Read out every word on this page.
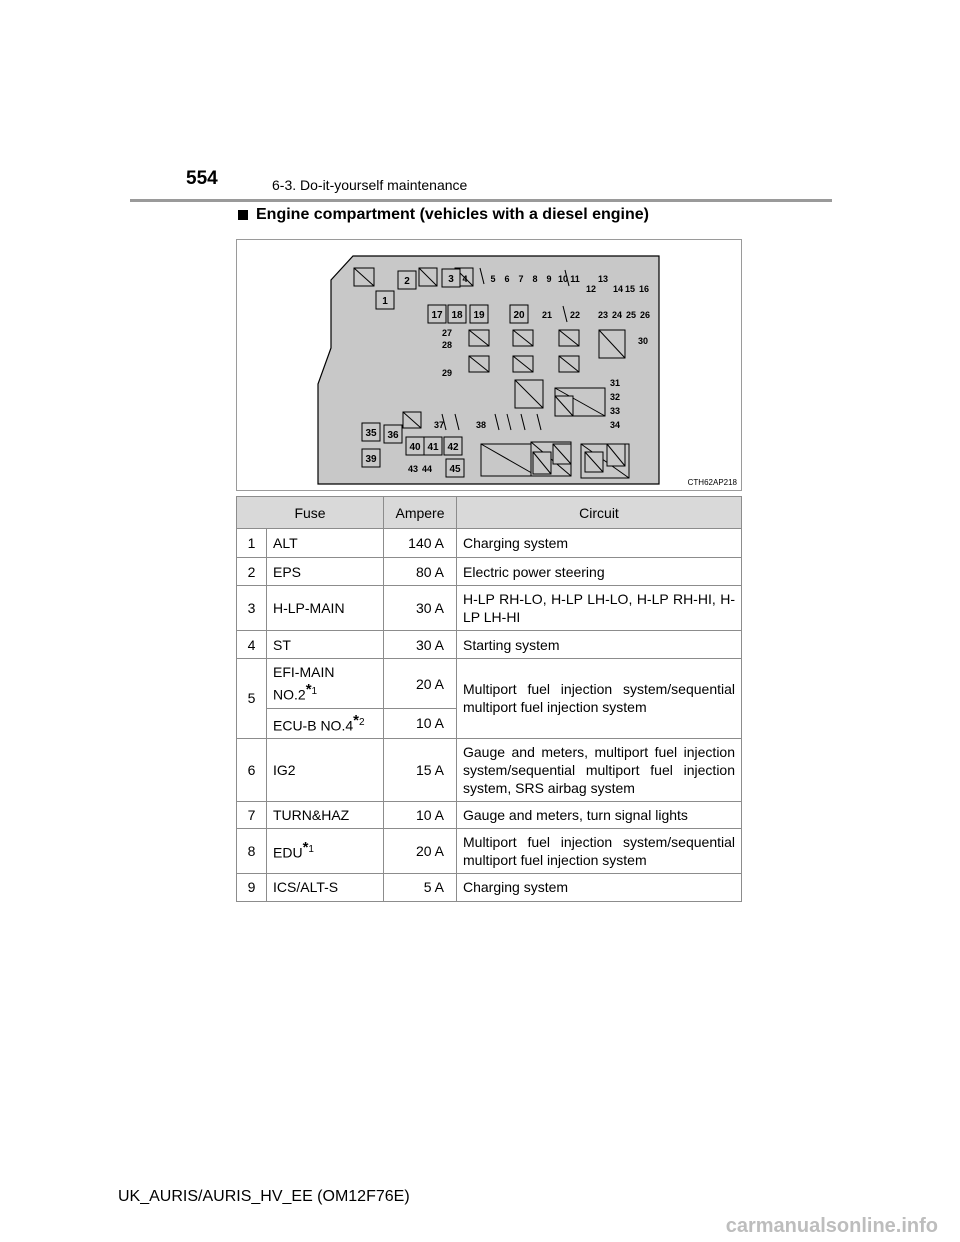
554	6-3. Do-it-yourself maintenance
Engine compartment (vehicles with a diesel engine)
1
2	3 4	5 6 7 8 9 10 11
12
13
14 15 16
17 18 19	20 21 22 23 24 25 26
27
28
29
30
31
32
33
34
35 36
37	38
39
40 41 42
43 44 45
CTH62AP218
Fuse		Ampere	Circuit
1	ALT	140 A	Charging system
2	EPS	80 A	Electric power steering
3	H-LP-MAIN	30 A	H-LP RH-LO, H-LP LH-LO, H-LP RH-HI, H-LP LH-HI
4	ST	30 A	Starting system
5	EFI-MAIN NO.2$^{*1}$	20 A	Multiport fuel injection system/sequential multiport fuel injection system
	ECU-B NO.4$^{*2}$	10 A	
6	IG2	15 A	Gauge and meters, multiport fuel injection system/sequential multiport fuel injection system, SRS airbag system
7	TURN&HAZ	10 A	Gauge and meters, turn signal lights
8	EDU$^{*1}$	20 A	Multiport fuel injection system/sequential multiport fuel injection system
9	ICS/ALT-S	5 A	Charging system
UK_AURIS/AURIS_HV_EE (OM12F76E)
carmanualsonline.info
